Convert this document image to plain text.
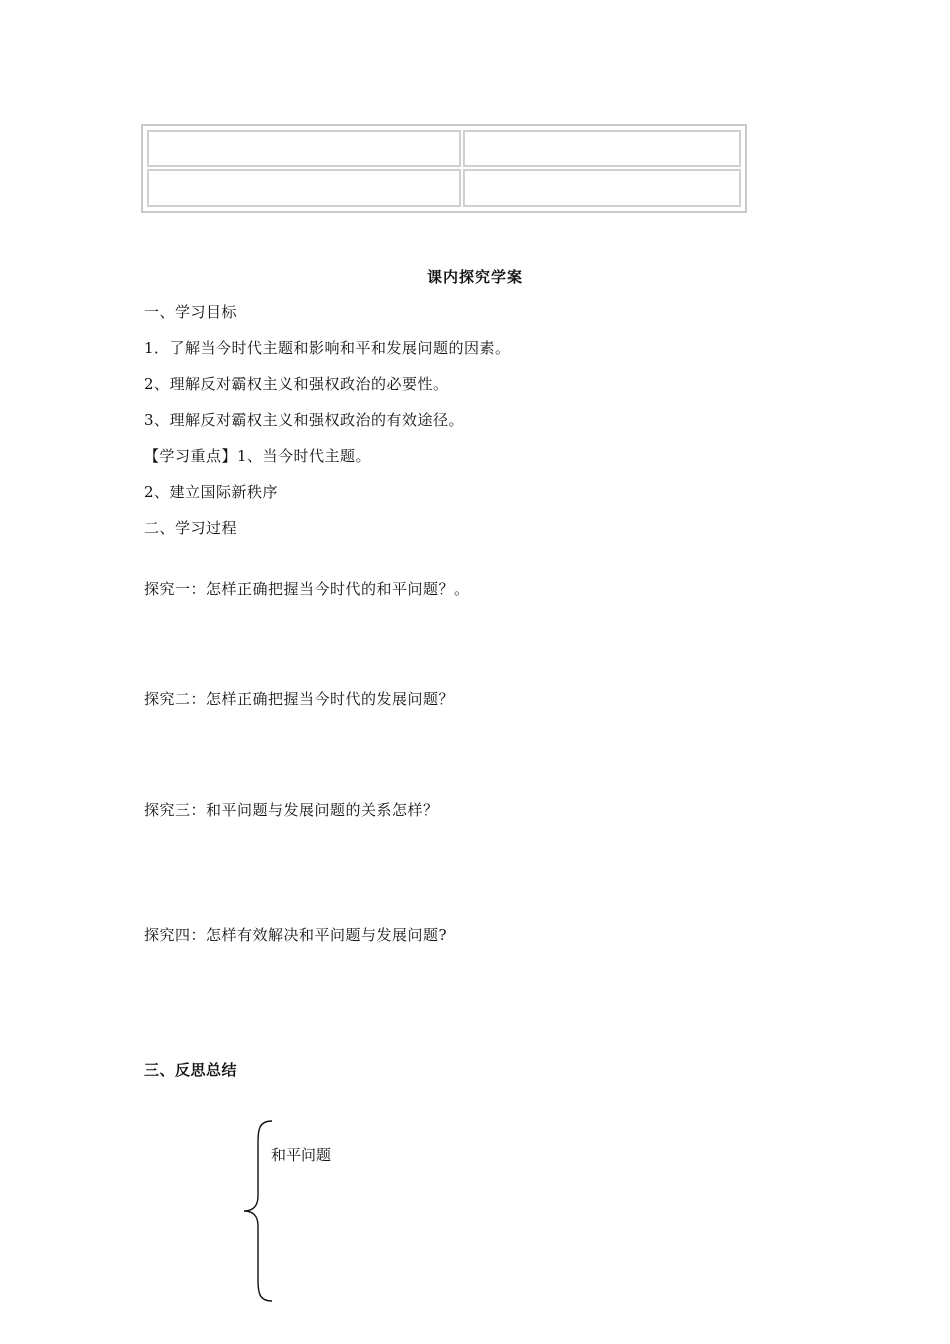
课内探究学案
一、学习目标
1．了解当今时代主题和影响和平和发展问题的因素。
2、理解反对霸权主义和强权政治的必要性。
3、理解反对霸权主义和强权政治的有效途径。
【学习重点】1、当今时代主题。
2、建立国际新秩序
二、学习过程
探究一：怎样正确把握当今时代的和平问题？。
探究二：怎样正确把握当今时代的发展问题？
探究三：和平问题与发展问题的关系怎样？
探究四：怎样有效解决和平问题与发展问题?
三、反思总结
和平问题
